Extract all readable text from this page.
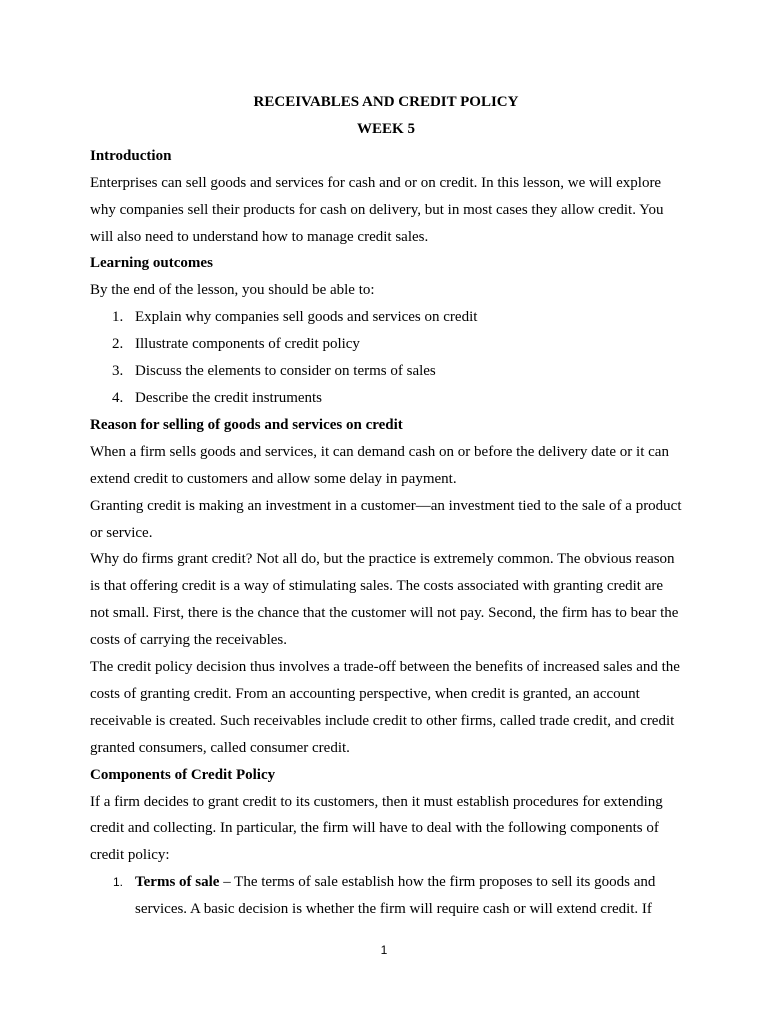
RECEIVABLES AND CREDIT POLICY

WEEK 5

Introduction

Enterprises can sell goods and services for cash and or on credit. In this lesson, we will explore why companies sell their products for cash on delivery, but in most cases they allow credit. You will also need to understand how to manage credit sales.

Learning outcomes

By the end of the lesson, you should be able to:

1. Explain why companies sell goods and services on credit
2. Illustrate components of credit policy
3. Discuss the elements to consider on terms of sales
4. Describe the credit instruments

Reason for selling of goods and services on credit

When a firm sells goods and services, it can demand cash on or before the delivery date or it can extend credit to customers and allow some delay in payment.

Granting credit is making an investment in a customer—an investment tied to the sale of a product or service.

Why do firms grant credit? Not all do, but the practice is extremely common. The obvious reason is that offering credit is a way of stimulating sales. The costs associated with granting credit are not small. First, there is the chance that the customer will not pay. Second, the firm has to bear the costs of carrying the receivables.

The credit policy decision thus involves a trade-off between the benefits of increased sales and the costs of granting credit. From an accounting perspective, when credit is granted, an account receivable is created. Such receivables include credit to other firms, called trade credit, and credit granted consumers, called consumer credit.

Components of Credit Policy

If a firm decides to grant credit to its customers, then it must establish procedures for extending credit and collecting. In particular, the firm will have to deal with the following components of credit policy:

1. Terms of sale – The terms of sale establish how the firm proposes to sell its goods and services. A basic decision is whether the firm will require cash or will extend credit. If
1
